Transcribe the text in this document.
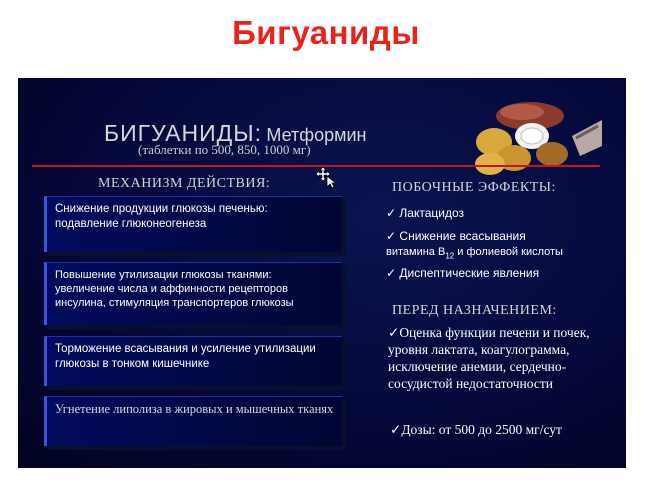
Бигуаниды
БИГУАНИДЫ: Метформин
(таблетки по 500, 850, 1000 мг)
МЕХАНИЗМ ДЕЙСТВИЯ:
Снижение продукции глюкозы печенью: подавление глюконеогенеза
Повышение утилизации глюкозы тканями: увеличение числа и аффинности рецепторов инсулина, стимуляция транспортеров глюкозы
Торможение всасывания и усиление утилизации глюкозы в тонком кишечнике
Угнетение липолиза в жировых и мышечных тканях
ПОБОЧНЫЕ ЭФФЕКТЫ:
✓ Лактацидоз
✓ Снижение всасывания
витамина $B_{12}$ и фолиевой кислоты
✓ Диспептические явления
ПЕРЕД НАЗНАЧЕНИЕМ:
✓Оценка функции печени и почек, уровня лактата, коагулограмма, исключение анемии, сердечно-сосудистой недостаточности
✓Дозы: от 500 до 2500 мг/сут
